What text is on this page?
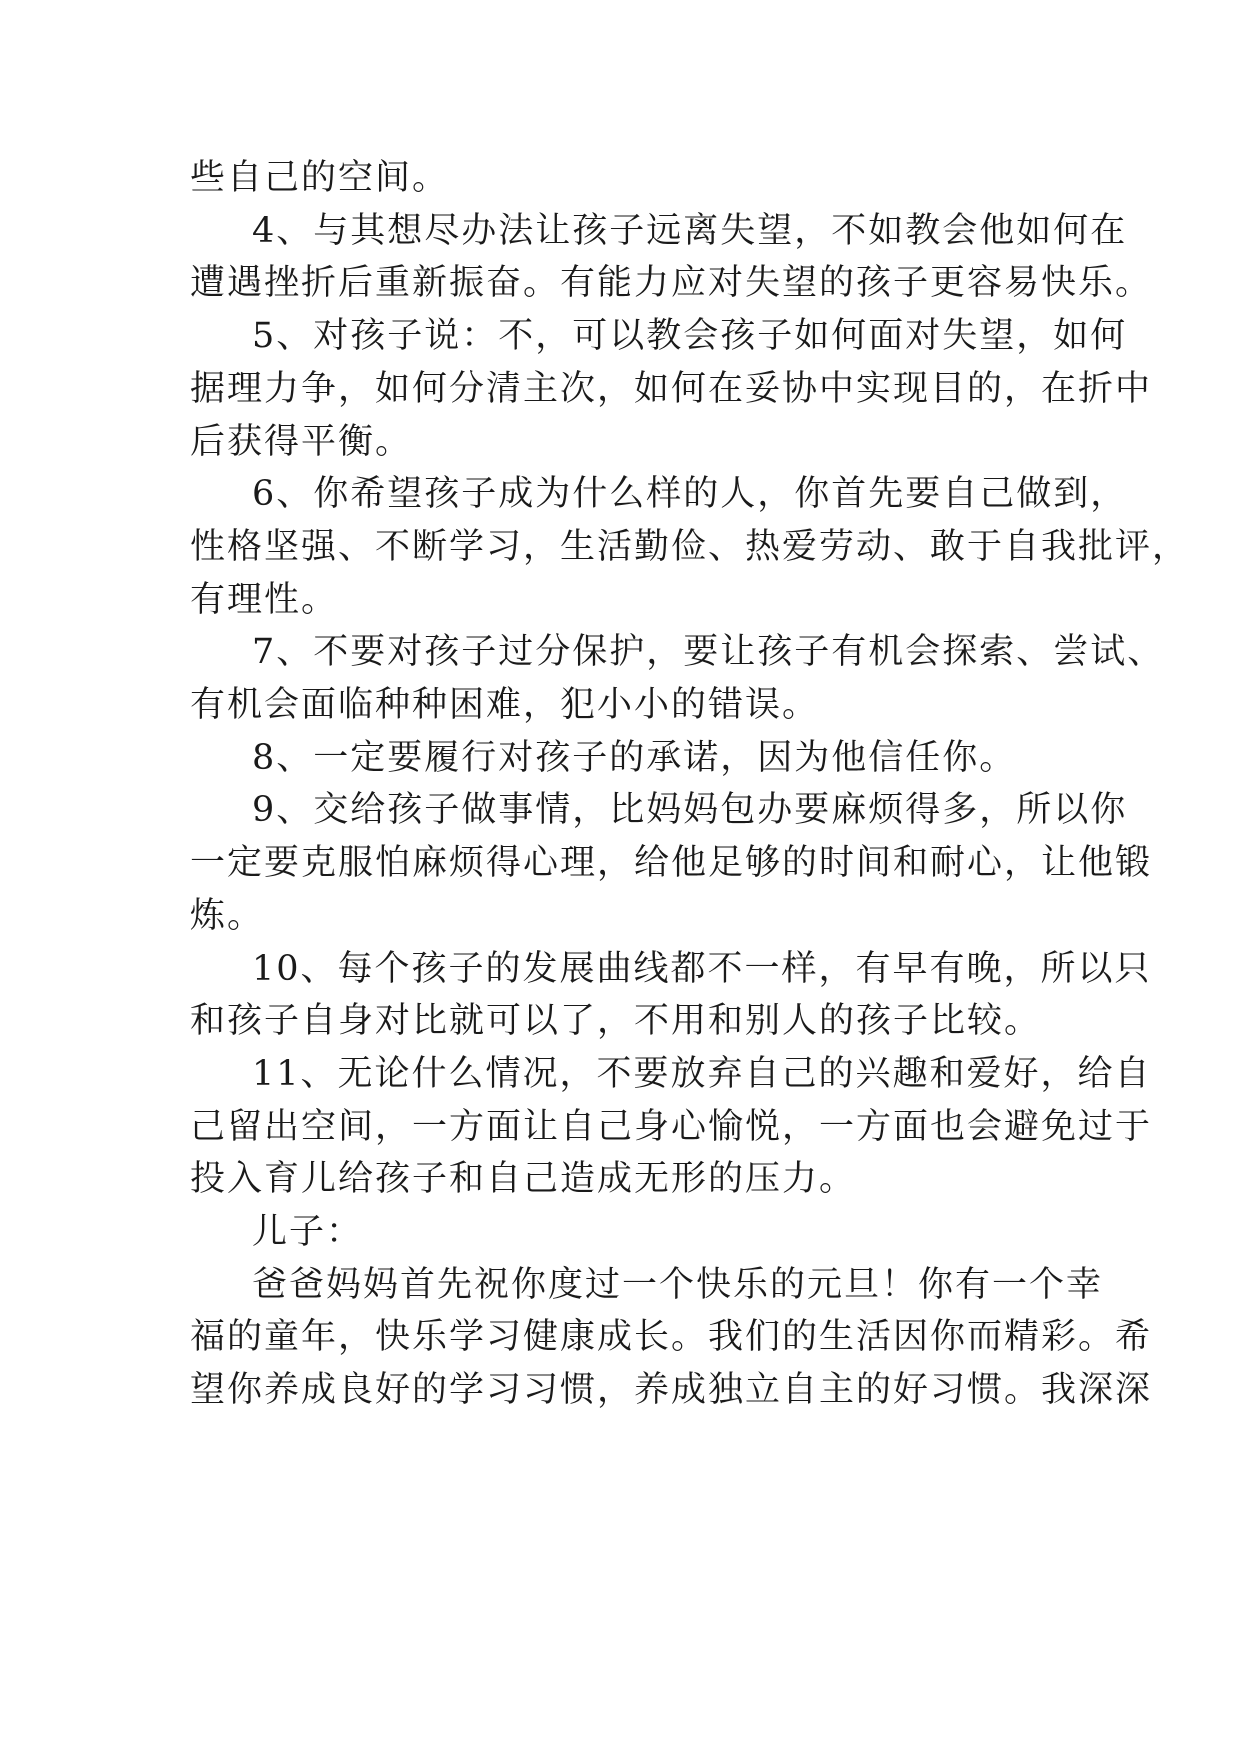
些自己的空间。
4、与其想尽办法让孩子远离失望，不如教会他如何在
遭遇挫折后重新振奋。有能力应对失望的孩子更容易快乐。
5、对孩子说：不，可以教会孩子如何面对失望，如何
据理力争，如何分清主次，如何在妥协中实现目的，在折中
后获得平衡。
6、你希望孩子成为什么样的人，你首先要自己做到，
性格坚强、不断学习，生活勤俭、热爱劳动、敢于自我批评，
有理性。
7、不要对孩子过分保护，要让孩子有机会探索、尝试、
有机会面临种种困难，犯小小的错误。
8、一定要履行对孩子的承诺，因为他信任你。
9、交给孩子做事情，比妈妈包办要麻烦得多，所以你
一定要克服怕麻烦得心理，给他足够的时间和耐心，让他锻
炼。
10、每个孩子的发展曲线都不一样，有早有晚，所以只
和孩子自身对比就可以了，不用和别人的孩子比较。
11、无论什么情况，不要放弃自己的兴趣和爱好，给自
己留出空间，一方面让自己身心愉悦，一方面也会避免过于
投入育儿给孩子和自己造成无形的压力。
儿子：
爸爸妈妈首先祝你度过一个快乐的元旦！你有一个幸
福的童年，快乐学习健康成长。我们的生活因你而精彩。希
望你养成良好的学习习惯，养成独立自主的好习惯。我深深
